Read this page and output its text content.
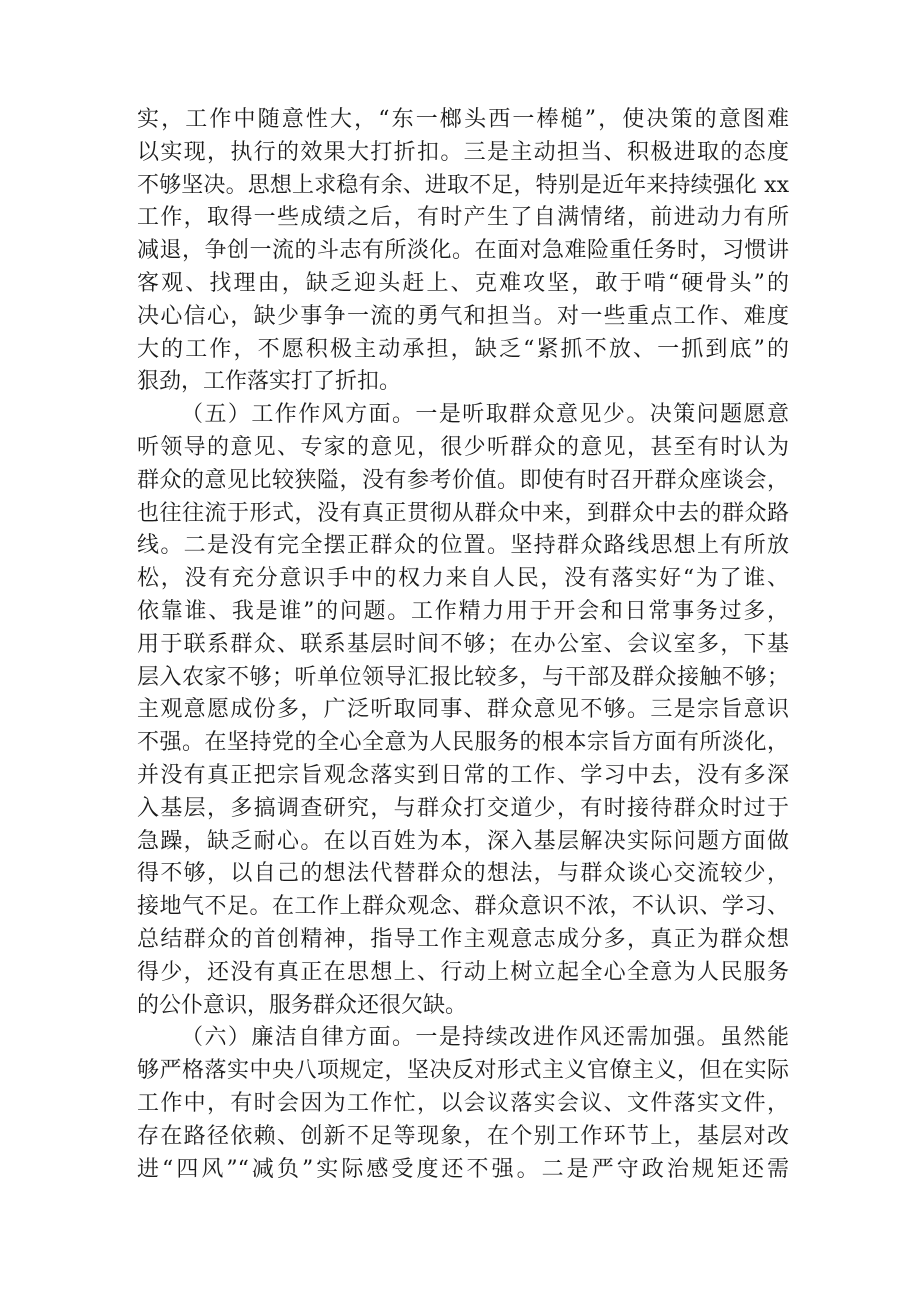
实，工作中随意性大，“东一榔头西一棒槌”，使决策的意图难
以实现，执行的效果大打折扣。三是主动担当、积极进取的态度
不够坚决。思想上求稳有余、进取不足，特别是近年来持续强化 xx
工作，取得一些成绩之后，有时产生了自满情绪，前进动力有所
减退，争创一流的斗志有所淡化。在面对急难险重任务时，习惯讲
客观、找理由，缺乏迎头赶上、克难攻坚，敢于啃“硬骨头”的
决心信心，缺少事争一流的勇气和担当。对一些重点工作、难度
大的工作，不愿积极主动承担，缺乏“紧抓不放、一抓到底”的
狠劲，工作落实打了折扣。
（五）工作作风方面。一是听取群众意见少。决策问题愿意
听领导的意见、专家的意见，很少听群众的意见，甚至有时认为
群众的意见比较狭隘，没有参考价值。即使有时召开群众座谈会，
也往往流于形式，没有真正贯彻从群众中来，到群众中去的群众路
线。二是没有完全摆正群众的位置。坚持群众路线思想上有所放
松，没有充分意识手中的权力来自人民，没有落实好“为了谁、
依靠谁、我是谁”的问题。工作精力用于开会和日常事务过多，
用于联系群众、联系基层时间不够；在办公室、会议室多，下基
层入农家不够；听单位领导汇报比较多，与干部及群众接触不够；
主观意愿成份多，广泛听取同事、群众意见不够。三是宗旨意识
不强。在坚持党的全心全意为人民服务的根本宗旨方面有所淡化，
并没有真正把宗旨观念落实到日常的工作、学习中去，没有多深
入基层，多搞调查研究，与群众打交道少，有时接待群众时过于
急躁，缺乏耐心。在以百姓为本，深入基层解决实际问题方面做
得不够，以自己的想法代替群众的想法，与群众谈心交流较少，
接地气不足。在工作上群众观念、群众意识不浓，不认识、学习、
总结群众的首创精神，指导工作主观意志成分多，真正为群众想
得少，还没有真正在思想上、行动上树立起全心全意为人民服务
的公仆意识，服务群众还很欠缺。
（六）廉洁自律方面。一是持续改进作风还需加强。虽然能
够严格落实中央八项规定，坚决反对形式主义官僚主义，但在实际
工作中，有时会因为工作忙，以会议落实会议、文件落实文件，
存在路径依赖、创新不足等现象，在个别工作环节上，基层对改
进“四风”“减负”实际感受度还不强。二是严守政治规矩还需
